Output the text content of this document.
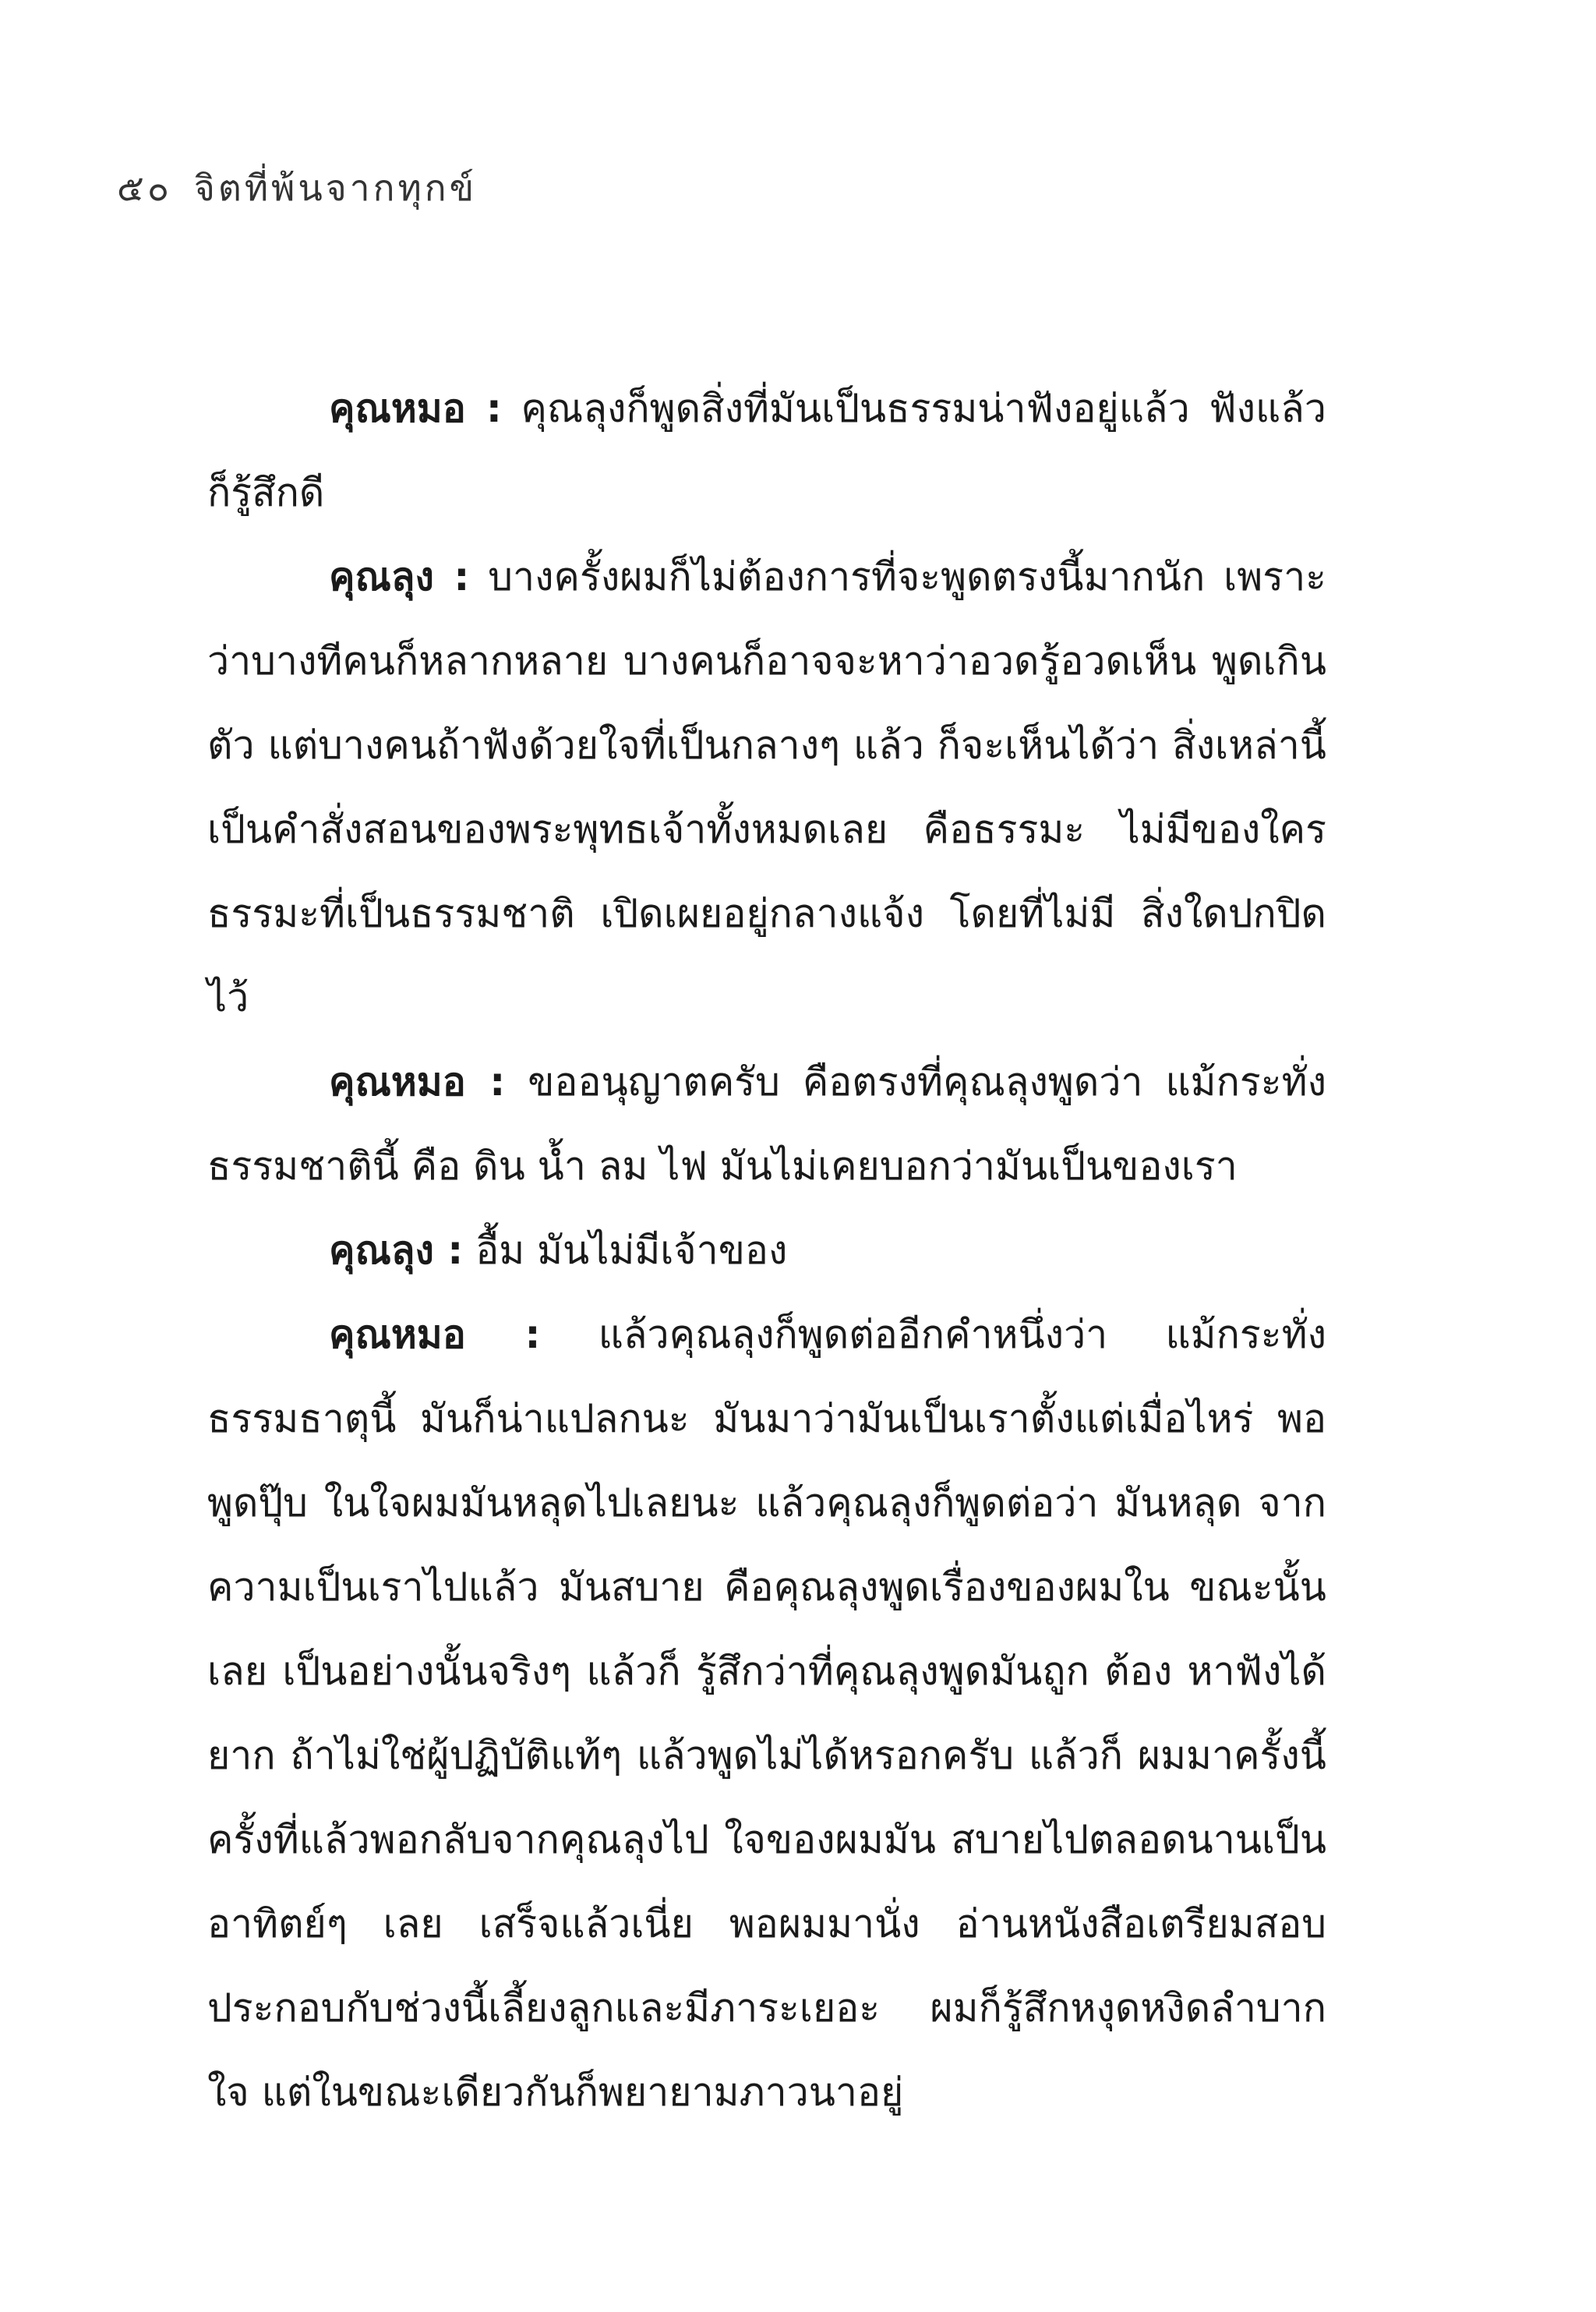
๕๐ จิตที่พ้นจากทุกข์

คุณหมอ : คุณลุงก็พูดสิ่งที่มันเป็นธรรมน่าฟังอยู่แล้ว ฟังแล้วก็รู้สึกดี

คุณลุง : บางครั้งผมก็ไม่ต้องการที่จะพูดตรงนี้มากนัก เพราะว่าบางทีคนก็หลากหลาย บางคนก็อาจจะหาว่าอวดรู้อวดเห็น พูดเกินตัว แต่บางคนถ้าฟังด้วยใจที่เป็นกลางๆ แล้ว ก็จะเห็นได้ว่า สิ่งเหล่านี้เป็นคำสั่งสอนของพระพุทธเจ้าทั้งหมดเลย คือธรรมะ ไม่มีของใคร ธรรมะที่เป็นธรรมชาติ เปิดเผยอยู่กลางแจ้ง โดยที่ไม่มี สิ่งใดปกปิดไว้

คุณหมอ : ขออนุญาตครับ คือตรงที่คุณลุงพูดว่า แม้กระทั่ง ธรรมชาตินี้ คือ ดิน น้ำ ลม ไฟ มันไม่เคยบอกว่ามันเป็นของเรา

คุณลุง : อื้ม มันไม่มีเจ้าของ

คุณหมอ : แล้วคุณลุงก็พูดต่ออีกคำหนึ่งว่า แม้กระทั่ง ธรรมธาตุนี้ มันก็น่าแปลกนะ มันมาว่ามันเป็นเราตั้งแต่เมื่อไหร่ พอพูดปุ๊บ ในใจผมมันหลุดไปเลยนะ แล้วคุณลุงก็พูดต่อว่า มันหลุด จากความเป็นเราไปแล้ว มันสบาย คือคุณลุงพูดเรื่องของผมใน ขณะนั้นเลย เป็นอย่างนั้นจริงๆ แล้วก็ รู้สึกว่าที่คุณลุงพูดมันถูก ต้อง หาฟังได้ยาก ถ้าไม่ใช่ผู้ปฏิบัติแท้ๆ แล้วพูดไม่ได้หรอกครับ แล้วก็ ผมมาครั้งนี้ ครั้งที่แล้วพอกลับจากคุณลุงไป ใจของผมมัน สบายไปตลอดนานเป็นอาทิตย์ๆ เลย เสร็จแล้วเนี่ย พอผมมานั่ง อ่านหนังสือเตรียมสอบ ประกอบกับช่วงนี้เลี้ยงลูกและมีภาระเยอะ ผมก็รู้สึกหงุดหงิดลำบากใจ แต่ในขณะเดียวกันก็พยายามภาวนาอยู่
